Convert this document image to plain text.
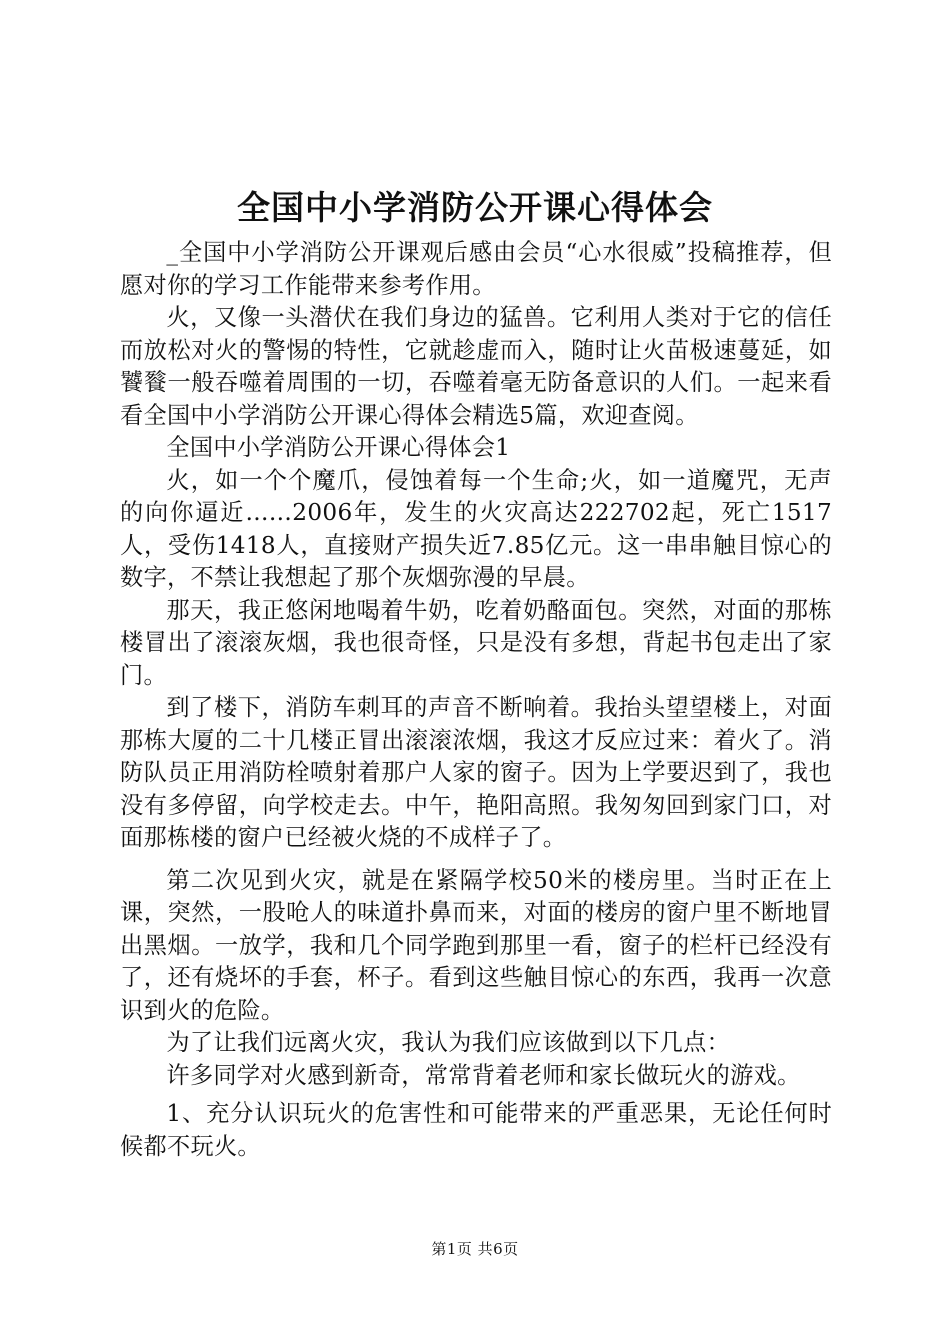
全国中小学消防公开课心得体会

_全国中小学消防公开课观后感由会员“心水很威”投稿推荐，但愿对你的学习工作能带来参考作用。

火，又像一头潜伏在我们身边的猛兽。它利用人类对于它的信任而放松对火的警惕的特性，它就趁虚而入，随时让火苗极速蔓延，如饕餮一般吞噬着周围的一切，吞噬着毫无防备意识的人们。一起来看看全国中小学消防公开课心得体会精选5篇，欢迎查阅。

全国中小学消防公开课心得体会1

火，如一个个魔爪，侵蚀着每一个生命;火，如一道魔咒，无声的向你逼近……2006年，发生的火灾高达222702起，死亡1517人，受伤1418人，直接财产损失近7.85亿元。这一串串触目惊心的数字，不禁让我想起了那个灰烟弥漫的早晨。

那天，我正悠闲地喝着牛奶，吃着奶酪面包。突然，对面的那栋楼冒出了滚滚灰烟，我也很奇怪，只是没有多想，背起书包走出了家门。

到了楼下，消防车刺耳的声音不断响着。我抬头望望楼上，对面那栋大厦的二十几楼正冒出滚滚浓烟，我这才反应过来：着火了。消防队员正用消防栓喷射着那户人家的窗子。因为上学要迟到了，我也没有多停留，向学校走去。中午，艳阳高照。我匆匆回到家门口，对面那栋楼的窗户已经被火烧的不成样子了。

第二次见到火灾，就是在紧隔学校50米的楼房里。当时正在上课，突然，一股呛人的味道扑鼻而来，对面的楼房的窗户里不断地冒出黑烟。一放学，我和几个同学跑到那里一看，窗子的栏杆已经没有了，还有烧坏的手套，杯子。看到这些触目惊心的东西，我再一次意识到火的危险。

为了让我们远离火灾，我认为我们应该做到以下几点：

许多同学对火感到新奇，常常背着老师和家长做玩火的游戏。

1、充分认识玩火的危害性和可能带来的严重恶果，无论任何时候都不玩火。

第1页 共6页
